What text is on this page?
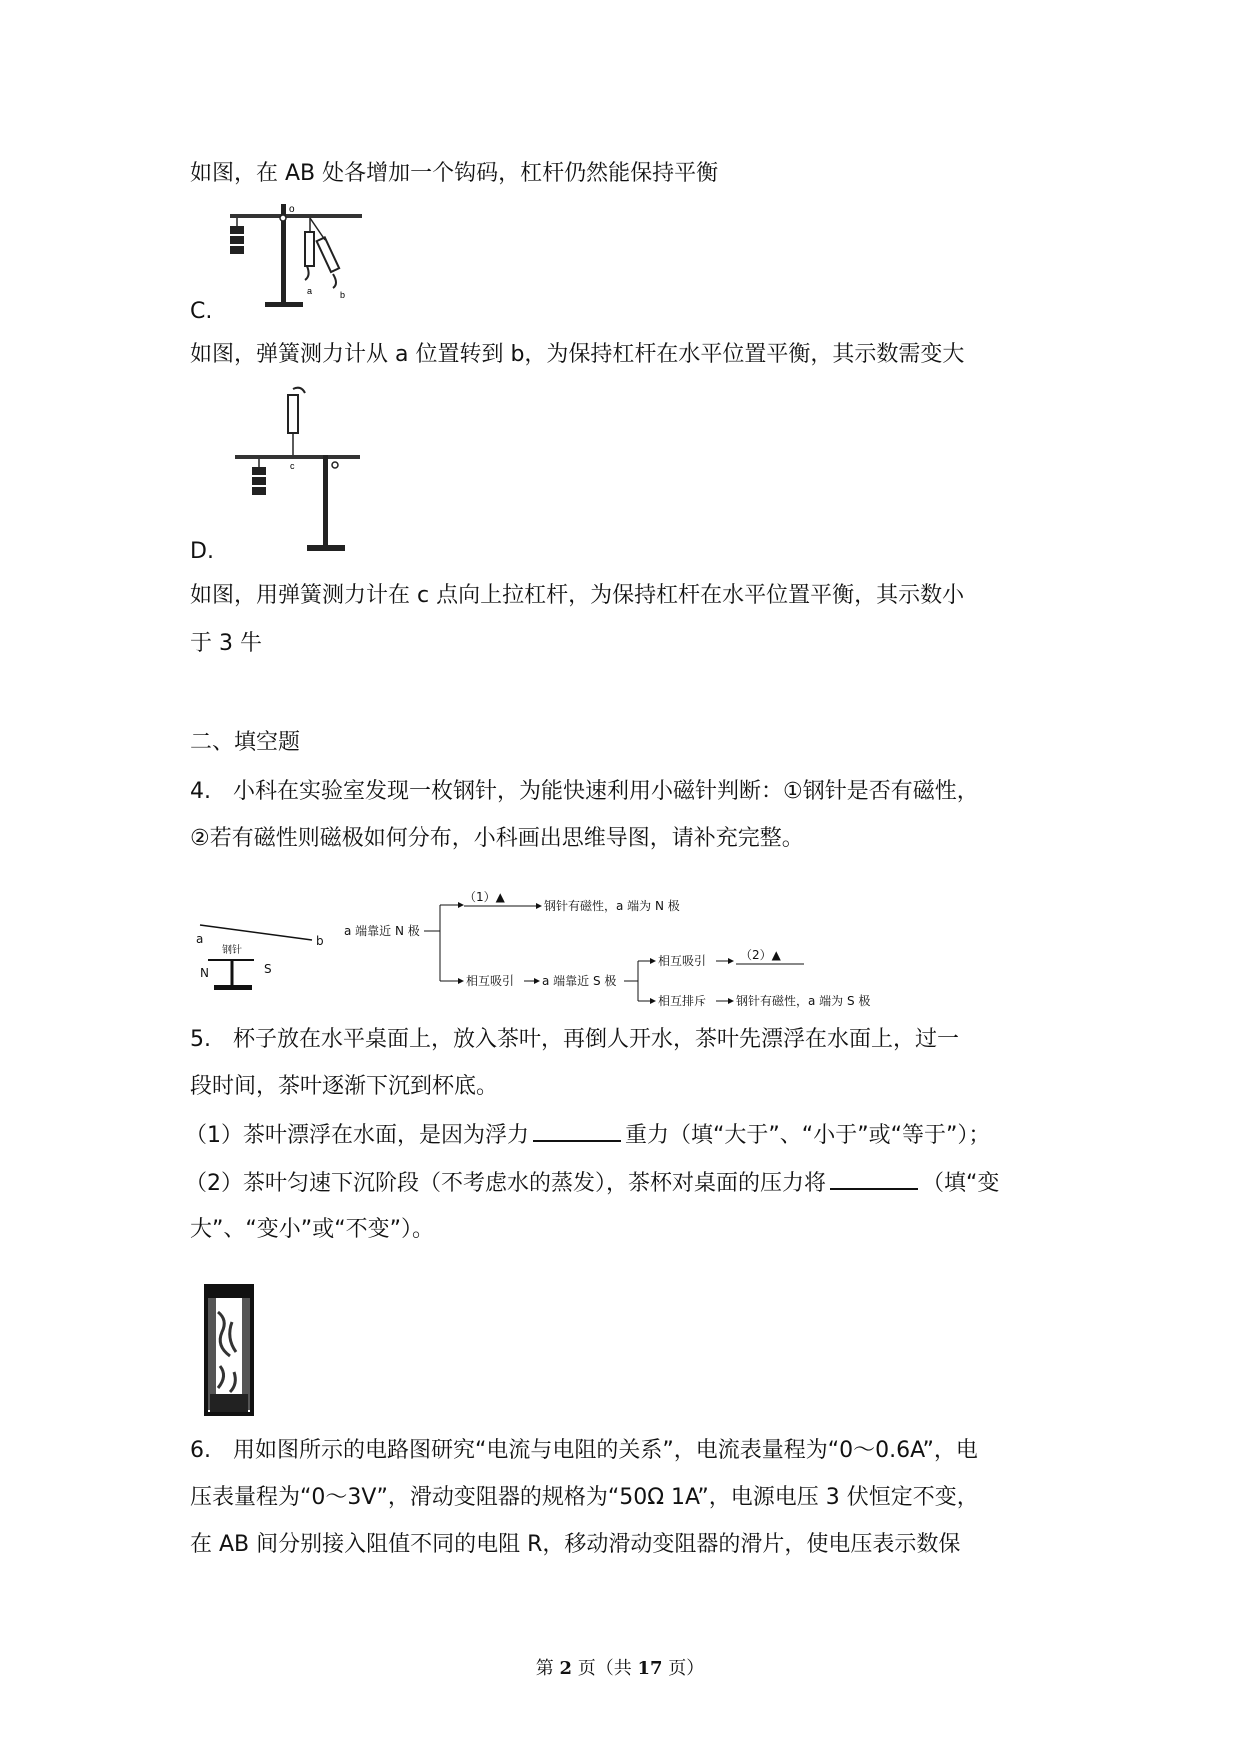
如图，在 AB 处各增加一个钩码，杠杆仍然能保持平衡
o
a	b
C.
如图，弹簧测力计从 a 位置转到 b，为保持杠杆在水平位置平衡，其示数需变大
c
D.
如图，用弹簧测力计在 c 点向上拉杠杆，为保持杠杆在水平位置平衡，其示数小
于 3 牛
二、填空题
4.　小科在实验室发现一枚钢针，为能快速利用小磁针判断：①钢针是否有磁性，
②若有磁性则磁极如何分布，小科画出思维导图，请补充完整。
a	b
钢针
N	S
a 端靠近 N 极
（1）▲
钢针有磁性，a 端为 N 极
相互吸引 a 端靠近 S 极
相互吸引	（2）▲
相互排斥 钢针有磁性，a 端为 S 极
5.　杯子放在水平桌面上，放入茶叶，再倒人开水，茶叶先漂浮在水面上，过一
段时间，茶叶逐渐下沉到杯底。
（1）茶叶漂浮在水面，是因为浮力	重力（填“大于”、“小于”或“等于”）；
（2）茶叶匀速下沉阶段（不考虑水的蒸发），茶杯对桌面的压力将	（填“变
大”、“变小”或“不变”）。
6.　用如图所示的电路图研究“电流与电阻的关系”，电流表量程为“0～0.6A”，电
压表量程为“0～3V”，滑动变阻器的规格为“50Ω 1A”，电源电压 3 伏恒定不变，
在 AB 间分别接入阻值不同的电阻 R，移动滑动变阻器的滑片，使电压表示数保
第 2 页（共 17 页）
